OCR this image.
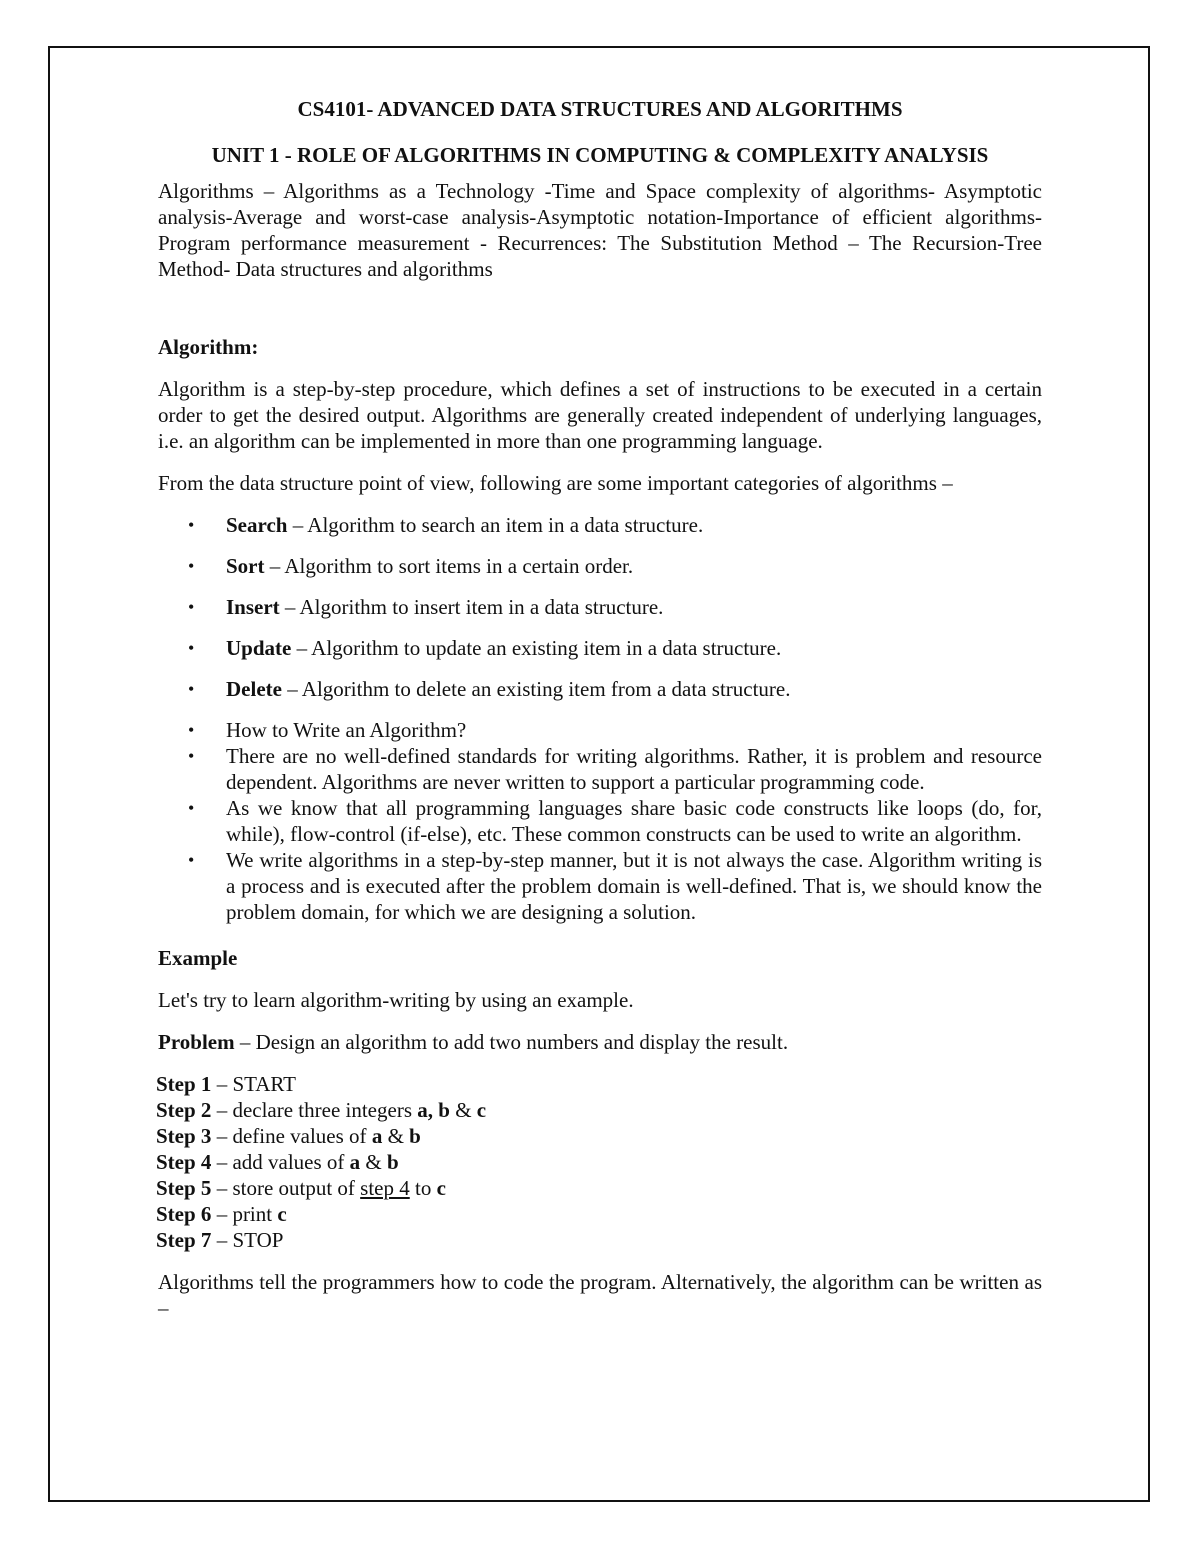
CS4101- ADVANCED DATA STRUCTURES AND ALGORITHMS
UNIT 1 - ROLE OF ALGORITHMS IN COMPUTING & COMPLEXITY ANALYSIS

Algorithms – Algorithms as a Technology -Time and Space complexity of algorithms- Asymptotic analysis-Average and worst-case analysis-Asymptotic notation-Importance of efficient algorithms- Program performance measurement - Recurrences: The Substitution Method – The Recursion-Tree Method- Data structures and algorithms

Algorithm:

Algorithm is a step-by-step procedure, which defines a set of instructions to be executed in a certain order to get the desired output. Algorithms are generally created independent of underlying languages, i.e. an algorithm can be implemented in more than one programming language.

From the data structure point of view, following are some important categories of algorithms –

• Search – Algorithm to search an item in a data structure.
• Sort – Algorithm to sort items in a certain order.
• Insert – Algorithm to insert item in a data structure.
• Update – Algorithm to update an existing item in a data structure.
• Delete – Algorithm to delete an existing item from a data structure.
• How to Write an Algorithm?
• There are no well-defined standards for writing algorithms. Rather, it is problem and resource dependent. Algorithms are never written to support a particular programming code.
• As we know that all programming languages share basic code constructs like loops (do, for, while), flow-control (if-else), etc. These common constructs can be used to write an algorithm.
• We write algorithms in a step-by-step manner, but it is not always the case. Algorithm writing is a process and is executed after the problem domain is well-defined. That is, we should know the problem domain, for which we are designing a solution.

Example

Let's try to learn algorithm-writing by using an example.

Problem – Design an algorithm to add two numbers and display the result.

Step 1 – START

Step 2 – declare three integers a, b & c

Step 3 – define values of a & b

Step 4 – add values of a & b

Step 5 – store output of step 4 to c

Step 6 – print c

Step 7 – STOP

Algorithms tell the programmers how to code the program. Alternatively, the algorithm can be written as –
